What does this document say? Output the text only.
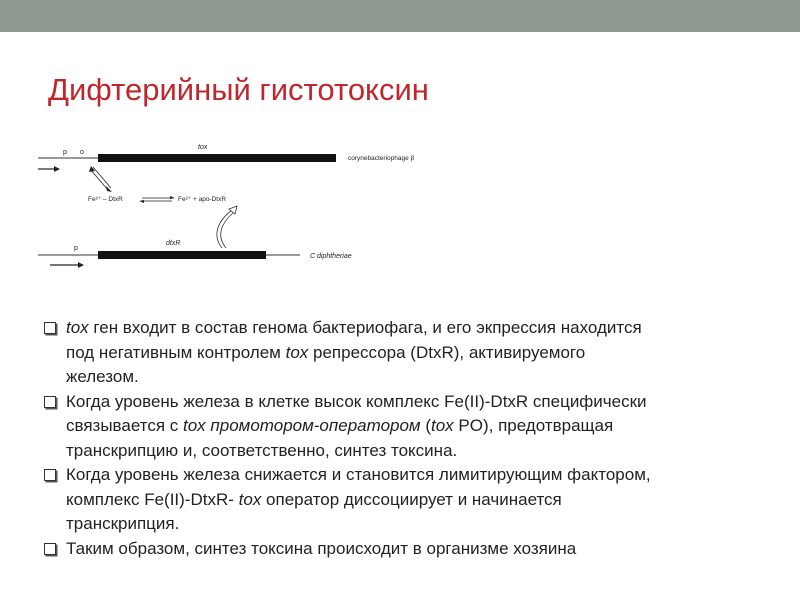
Дифтерийный гистотоксин
p o
tox
corynebacteriophage β
Fe²⁺ – DtxR	Fe²⁺ + apo-DtxR
p
dtxR
C diphtheriae
tox ген входит в состав генома бактериофага, и его экпрессия находится
под негативным контролем tox репрессора (DtxR), активируемого
железом.
Когда уровень железа в клетке высок комплекс Fe(II)-DtxR специфически
связывается с tox промотором-оператором (tox PO), предотвращая
транскрипцию и, соответственно, синтез токсина.
Когда уровень железа снижается и становится лимитирующим фактором,
комплекс Fe(II)-DtxR- tox оператор диссоциирует и начинается
транскрипция.
Таким образом, синтез токсина происходит в организме хозяина
